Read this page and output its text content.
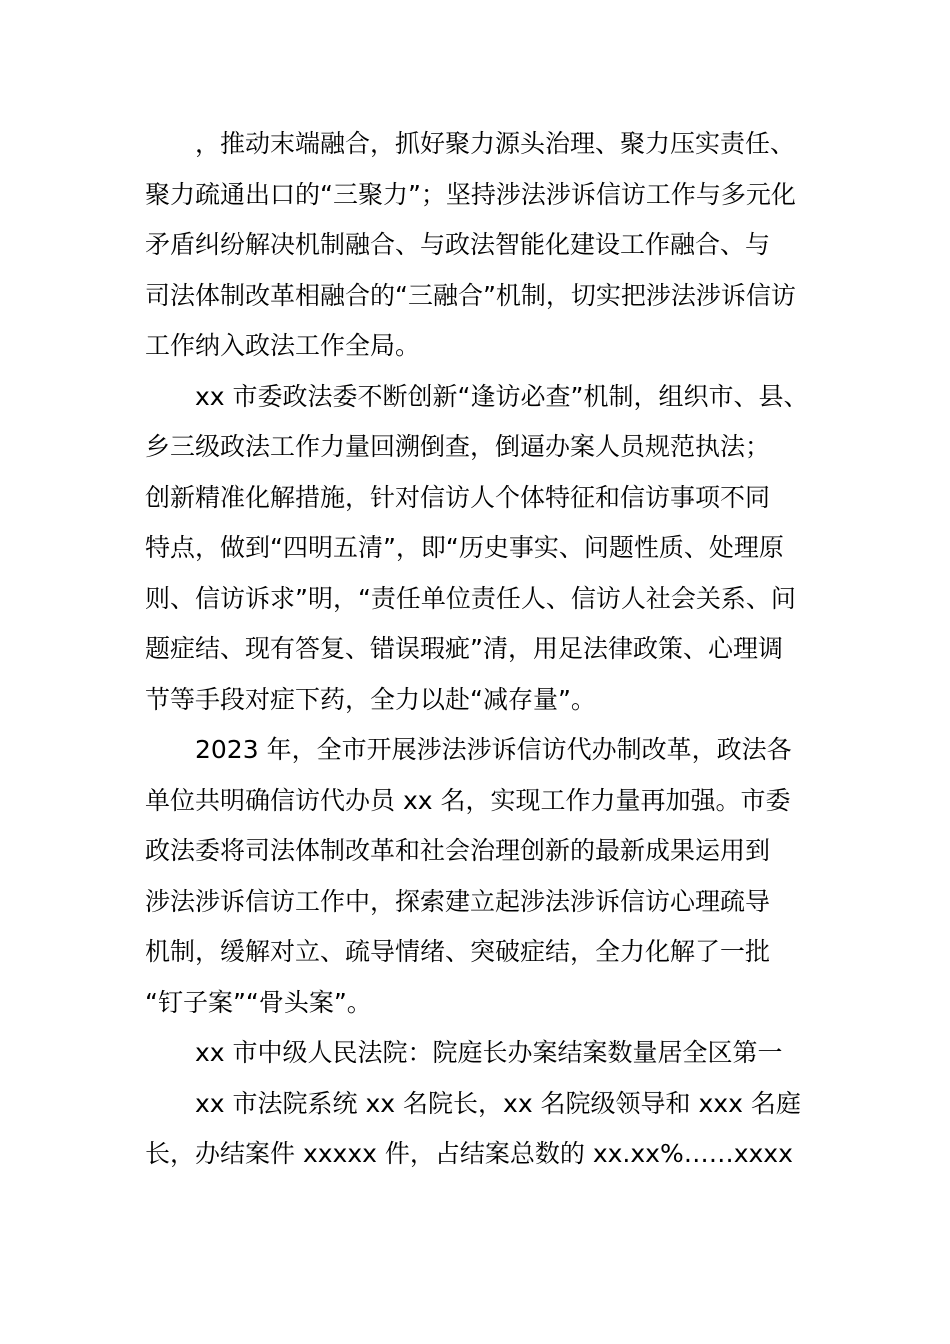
，推动末端融合，抓好聚力源头治理、聚力压实责任、
聚力疏通出口的“三聚力”；坚持涉法涉诉信访工作与多元化
矛盾纠纷解决机制融合、与政法智能化建设工作融合、与
司法体制改革相融合的“三融合”机制，切实把涉法涉诉信访
工作纳入政法工作全局。
xx 市委政法委不断创新“逢访必查”机制，组织市、县、
乡三级政法工作力量回溯倒查，倒逼办案人员规范执法；
创新精准化解措施，针对信访人个体特征和信访事项不同
特点，做到“四明五清”，即“历史事实、问题性质、处理原
则、信访诉求”明，“责任单位责任人、信访人社会关系、问
题症结、现有答复、错误瑕疵”清，用足法律政策、心理调
节等手段对症下药，全力以赴“减存量”。
2023 年，全市开展涉法涉诉信访代办制改革，政法各
单位共明确信访代办员 xx 名，实现工作力量再加强。市委
政法委将司法体制改革和社会治理创新的最新成果运用到
涉法涉诉信访工作中，探索建立起涉法涉诉信访心理疏导
机制，缓解对立、疏导情绪、突破症结，全力化解了一批
“钉子案”“骨头案”。
xx 市中级人民法院：院庭长办案结案数量居全区第一
xx 市法院系统 xx 名院长，xx 名院级领导和 xxx 名庭
长，办结案件 xxxxx 件，占结案总数的 xx.xx%……xxxx
